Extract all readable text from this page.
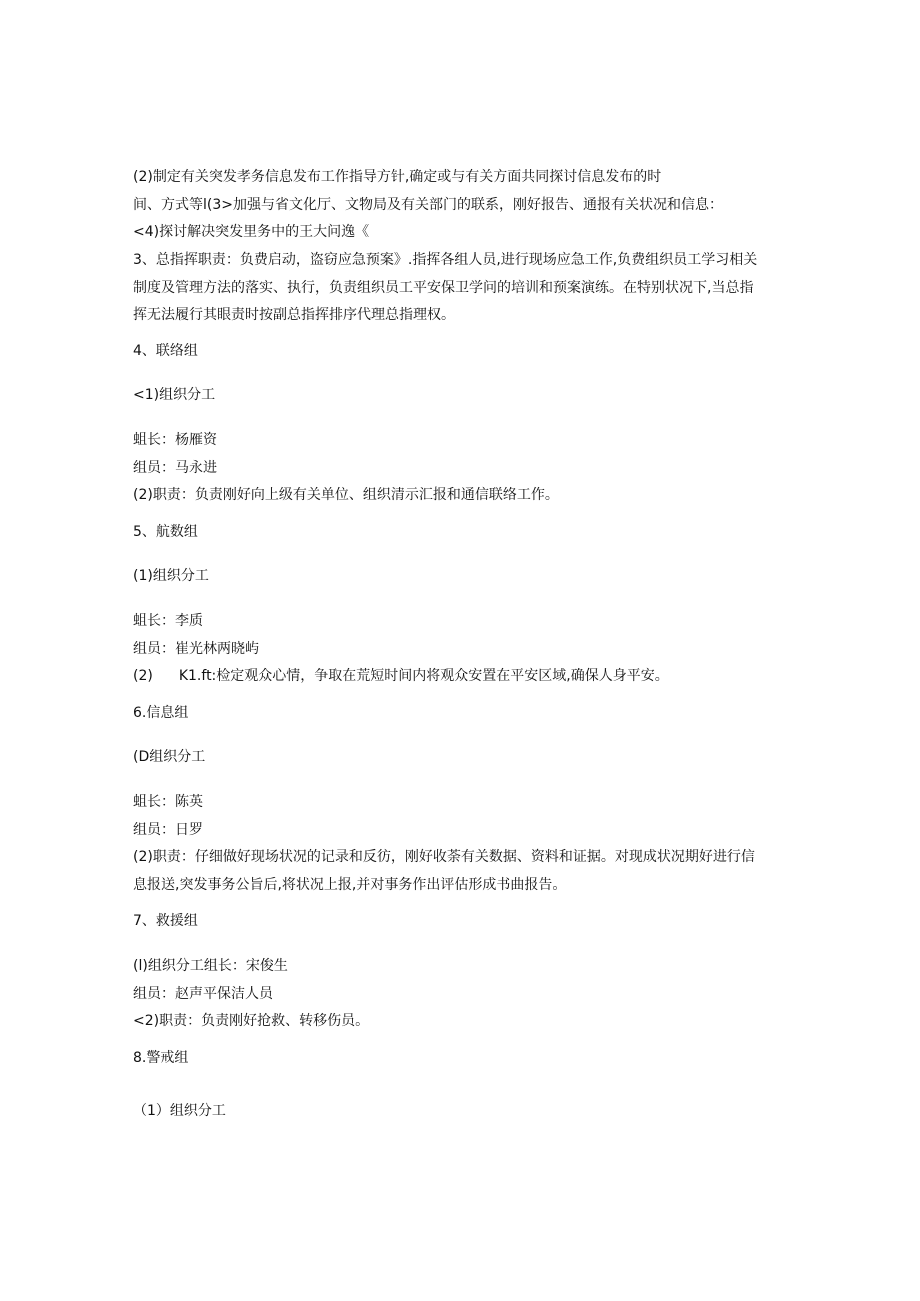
(2)制定有关突发孝务信息发布工作指导方针,确定或与有关方面共同探讨信息发布的时
间、方式等l(3>加强与省文化厅、文物局及有关部门的联系，刚好报告、通报有关状况和信息：
<4)探讨解决突发里务中的王大问逸《
3、总指挥职责：负费启动，盗窃应急预案》.指挥各组人员,进行现场应急工作,负费组织员工学习相关
制度及管理方法的落实、执行，负责组织员工平安保卫学问的培训和预案演练。在特别状况下,当总指
挥无法履行其眼责时按副总指挥排序代理总指理权。
4、联络组
<1)组织分工
蛆长：杨雁资
组员：马永进
(2)职责：负责刚好向上级有关单位、组织清示汇报和通信联络工作。
5、航数组
(1)组织分工
蛆长：李质
组员：崔光林两晓屿
(2) K1.ft:检定观众心情，争取在荒短时间内将观众安置在平安区域,确保人身平安。
6.信息组
(D组织分工
蛆长：陈英
组员：日罗
(2)职责：仔细做好现场状况的记录和反彷，刚好收荼有关数据、资料和证据。对现成状况期好进行信
息报送,突发事务公旨后,将状况上报,并对事务作出评估形成书曲报告。
7、救援组
(l)组织分工组长：宋俊生
组员：赵声平保洁人员
<2)职责：负责刚好抢救、转移伤员。
8.警戒组
（1）组织分工
